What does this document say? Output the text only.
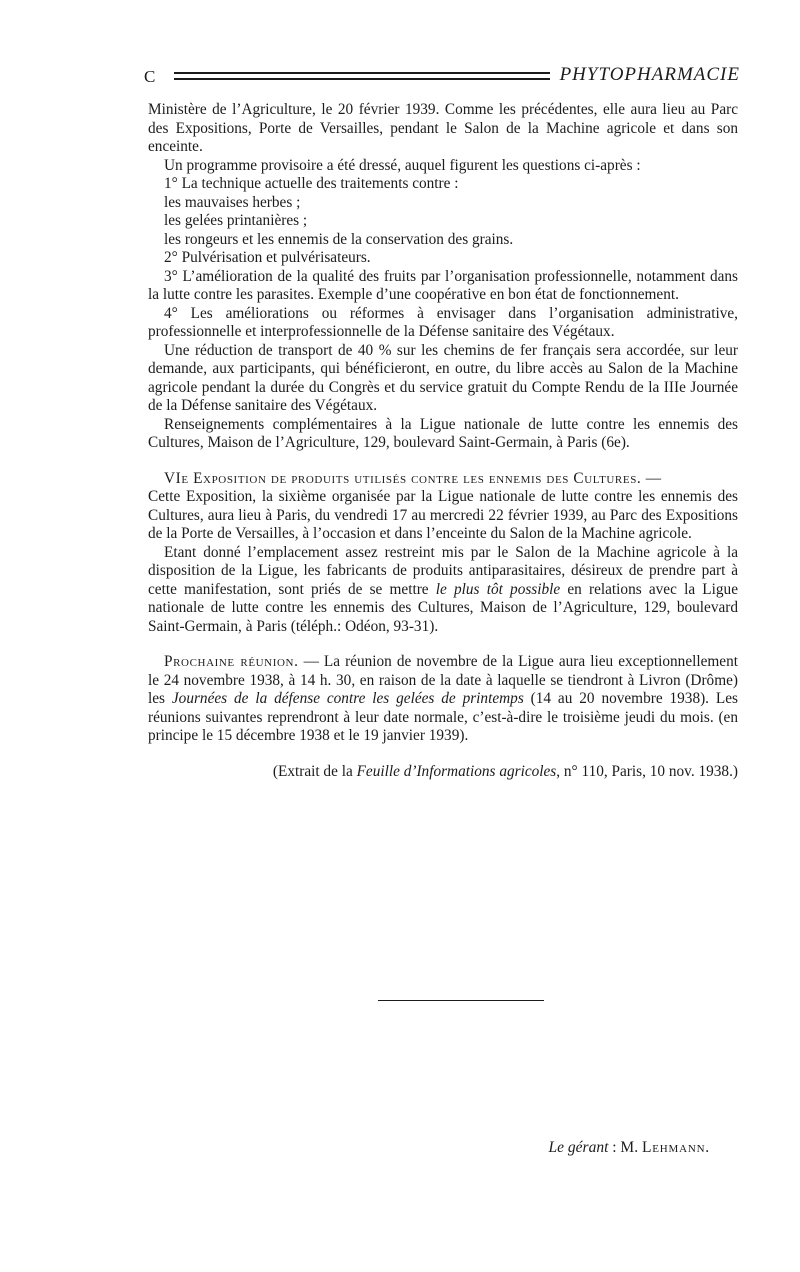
C	PHYTOPHARMACIE

Ministère de l’Agriculture, le 20 février 1939. Comme les précédentes, elle aura lieu au Parc des Expositions, Porte de Versailles, pendant le Salon de la Machine agricole et dans son enceinte.

Un programme provisoire a été dressé, auquel figurent les questions ci-après :

1° La technique actuelle des traitements contre :

les mauvaises herbes ;

les gelées printanières ;

les rongeurs et les ennemis de la conservation des grains.

2° Pulvérisation et pulvérisateurs.

3° L’amélioration de la qualité des fruits par l’organisation professionnelle, notamment dans la lutte contre les parasites. Exemple d’une coopérative en bon état de fonctionnement.

4° Les améliorations ou réformes à envisager dans l’organisation administrative, professionnelle et interprofessionnelle de la Défense sanitaire des Végétaux.

Une réduction de transport de 40 % sur les chemins de fer français sera accordée, sur leur demande, aux participants, qui bénéficieront, en outre, du libre accès au Salon de la Machine agricole pendant la durée du Congrès et du service gratuit du Compte Rendu de la IIIe Journée de la Défense sanitaire des Végétaux.

Renseignements complémentaires à la Ligue nationale de lutte contre les ennemis des Cultures, Maison de l’Agriculture, 129, boulevard Saint-Germain, à Paris (6e).

VIe Exposition de produits utilisés contre les ennemis des Cultures. —

Cette Exposition, la sixième organisée par la Ligue nationale de lutte contre les ennemis des Cultures, aura lieu à Paris, du vendredi 17 au mercredi 22 février 1939, au Parc des Expositions de la Porte de Versailles, à l’occasion et dans l’enceinte du Salon de la Machine agricole.

Etant donné l’emplacement assez restreint mis par le Salon de la Machine agricole à la disposition de la Ligue, les fabricants de produits antiparasitaires, désireux de prendre part à cette manifestation, sont priés de se mettre le plus tôt possible en relations avec la Ligue nationale de lutte contre les ennemis des Cultures, Maison de l’Agriculture, 129, boulevard Saint-Germain, à Paris (téléph.: Odéon, 93-31).

Prochaine réunion. — La réunion de novembre de la Ligue aura lieu exceptionnellement le 24 novembre 1938, à 14 h. 30, en raison de la date à laquelle se tiendront à Livron (Drôme) les Journées de la défense contre les gelées de printemps (14 au 20 novembre 1938). Les réunions suivantes reprendront à leur date normale, c’est-à-dire le troisième jeudi du mois. (en principe le 15 décembre 1938 et le 19 janvier 1939).

(Extrait de la Feuille d’Informations agricoles, n° 110, Paris, 10 nov. 1938.)

Le gérant : M. Lehmann.
